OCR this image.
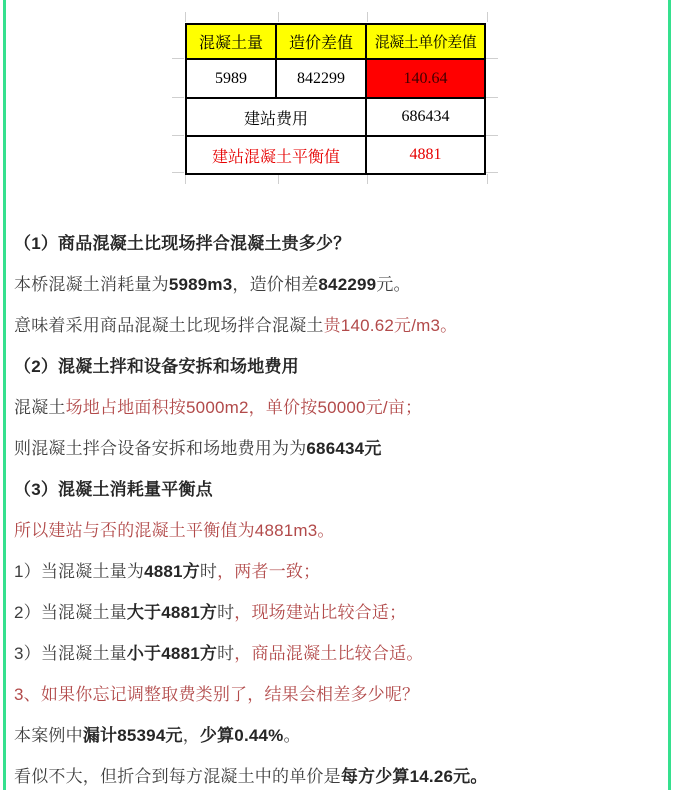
混凝土量	造价差值	混凝土单价差值
5989	842299	140.64
建站费用		686434
建站混凝土平衡值		4881

（1）商品混凝土比现场拌合混凝土贵多少？

本桥混凝土消耗量为5989m3，造价相差842299元。

意味着采用商品混凝土比现场拌合混凝土贵140.62元/m3。

（2）混凝土拌和设备安拆和场地费用

混凝土场地占地面积按5000m2，单价按50000元/亩；

则混凝土拌合设备安拆和场地费用为为686434元

（3）混凝土消耗量平衡点

所以建站与否的混凝土平衡值为4881m3。

1）当混凝土量为4881方时，两者一致；

2）当混凝土量大于4881方时，现场建站比较合适；

3）当混凝土量小于4881方时，商品混凝土比较合适。

3、如果你忘记调整取费类别了，结果会相差多少呢？

本案例中漏计85394元，少算0.44%。

看似不大，但折合到每方混凝土中的单价是每方少算14.26元。
